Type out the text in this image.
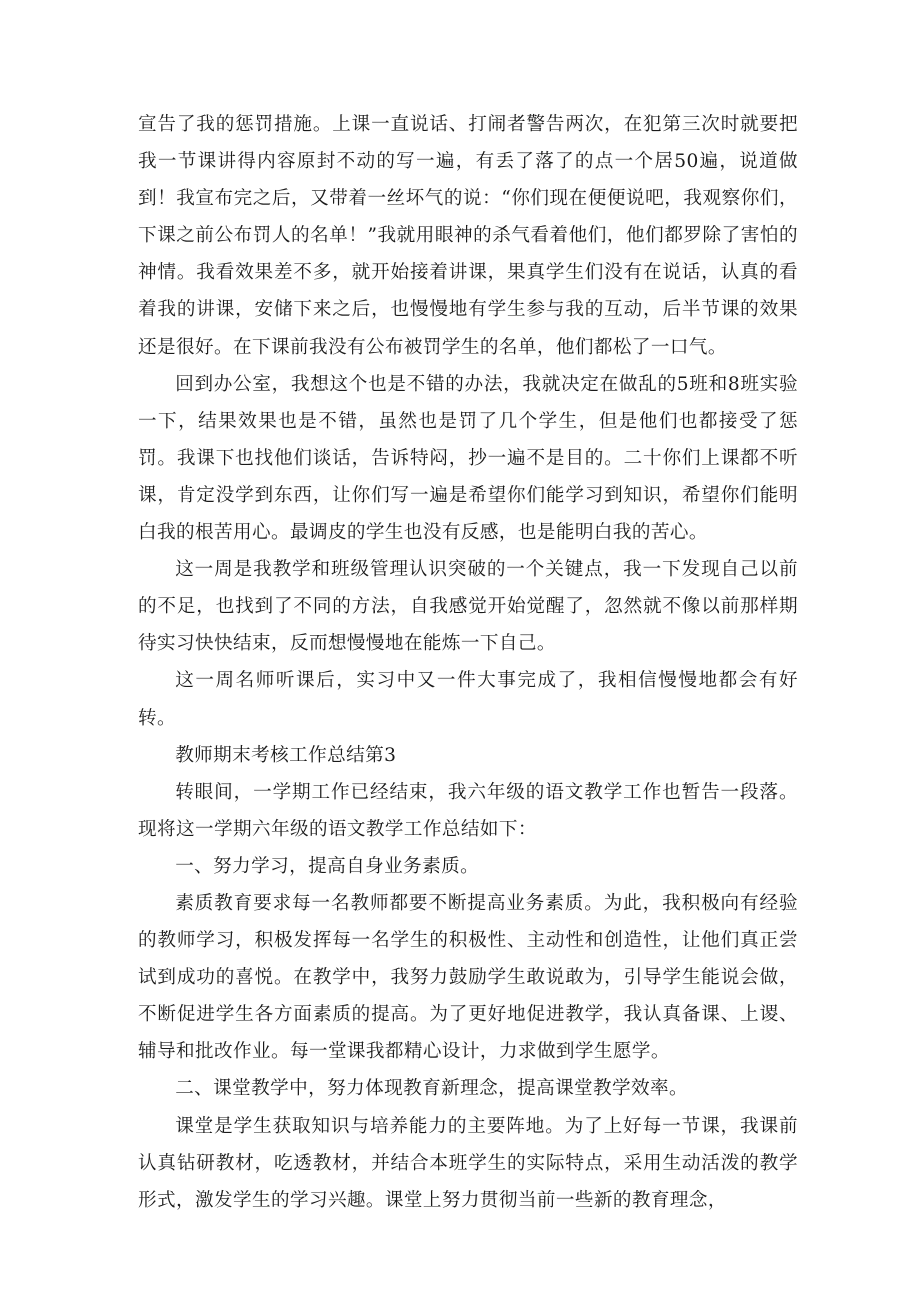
宣告了我的惩罚措施。上课一直说话、打闹者警告两次，在犯第三次时就要把我一节课讲得内容原封不动的写一遍，有丢了落了的点一个居50遍，说道做到！我宣布完之后，又带着一丝坏气的说：“你们现在便便说吧，我观察你们，下课之前公布罚人的名单！”我就用眼神的杀气看着他们，他们都罗除了害怕的神情。我看效果差不多，就开始接着讲课，果真学生们没有在说话，认真的看着我的讲课，安储下来之后，也慢慢地有学生参与我的互动，后半节课的效果还是很好。在下课前我没有公布被罚学生的名单，他们都松了一口气。

回到办公室，我想这个也是不错的办法，我就决定在做乱的5班和8班实验一下，结果效果也是不错，虽然也是罚了几个学生，但是他们也都接受了惩罚。我课下也找他们谈话，告诉特闷，抄一遍不是目的。二十你们上课都不听课，肯定没学到东西，让你们写一遍是希望你们能学习到知识，希望你们能明白我的根苦用心。最调皮的学生也没有反感，也是能明白我的苦心。

这一周是我教学和班级管理认识突破的一个关键点，我一下发现自己以前的不足，也找到了不同的方法，自我感觉开始觉醒了，忽然就不像以前那样期待实习快快结束，反而想慢慢地在能炼一下自己。

这一周名师听课后，实习中又一件大事完成了，我相信慢慢地都会有好转。

教师期末考核工作总结第3

转眼间，一学期工作已经结束，我六年级的语文教学工作也暂告一段落。现将这一学期六年级的语文教学工作总结如下：

一、努力学习，提高自身业务素质。

素质教育要求每一名教师都要不断提高业务素质。为此，我积极向有经验的教师学习，积极发挥每一名学生的积极性、主动性和创造性，让他们真正尝试到成功的喜悦。在教学中，我努力鼓励学生敢说敢为，引导学生能说会做，不断促进学生各方面素质的提高。为了更好地促进教学，我认真备课、上谡、辅导和批改作业。每一堂课我都精心设计，力求做到学生愿学。

二、课堂教学中，努力体现教育新理念，提高课堂教学效率。

课堂是学生获取知识与培养能力的主要阵地。为了上好每一节课，我课前认真钻研教材，吃透教材，并结合本班学生的实际特点，采用生动活泼的教学形式，激发学生的学习兴趣。课堂上努力贯彻当前一些新的教育理念，
